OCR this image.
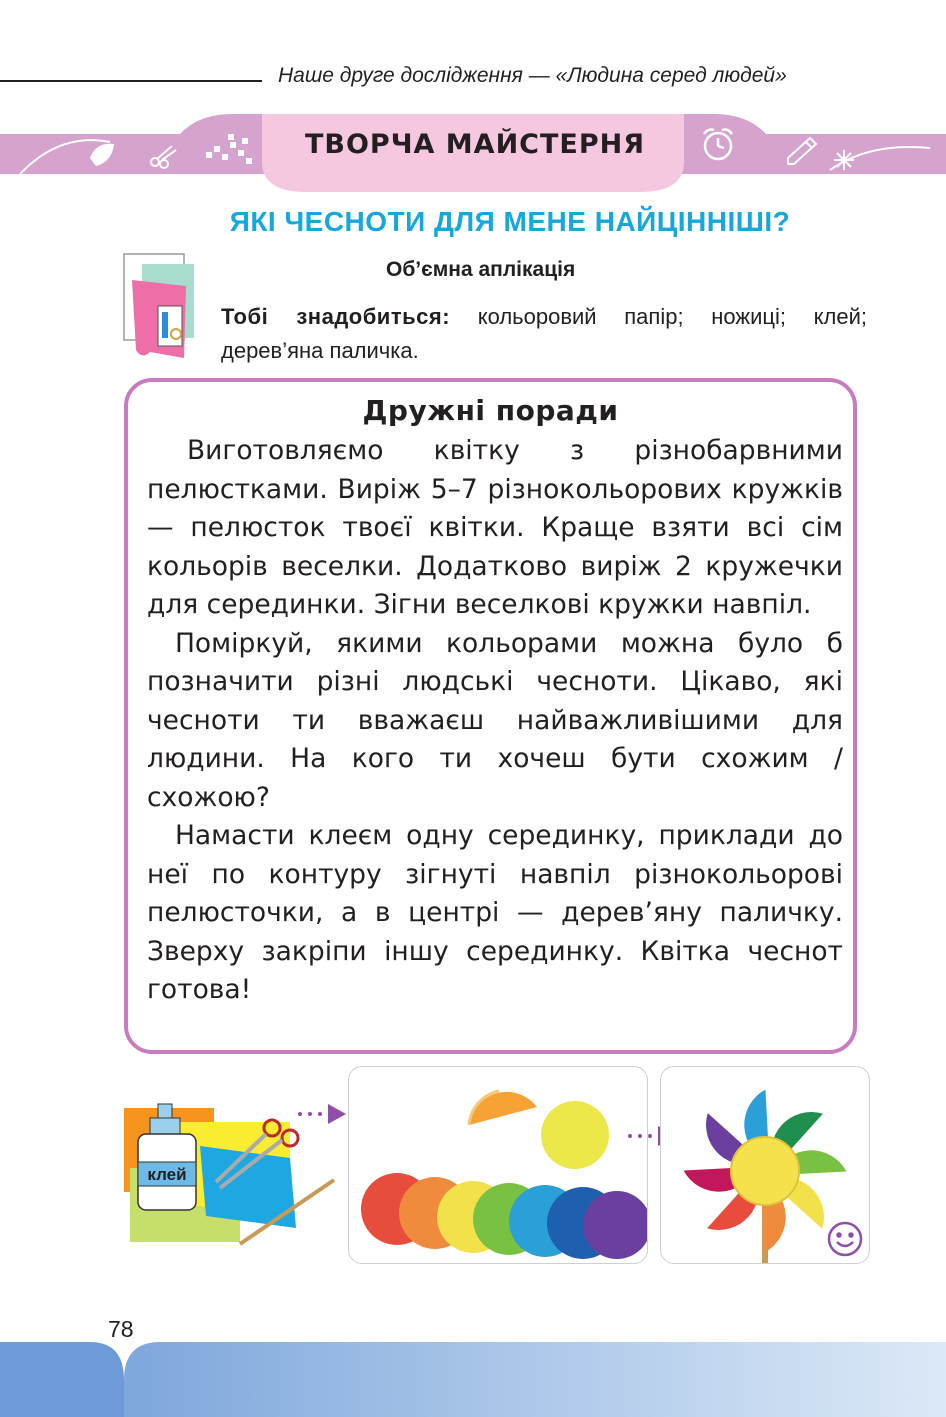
Наше друге дослідження — «Людина серед людей»
ТВОРЧА МАЙСТЕРНЯ
ЯКІ ЧЕСНОТИ ДЛЯ МЕНЕ НАЙЦІННІШІ?
Об’ємна аплікація
Тобі знадобиться: кольоровий папір; ножиці; клей; дерев’яна паличка.
Дружні поради

Виготовляємо квітку з різнобарвними пелюстками. Виріж 5–7 різнокольорових кружків — пелюсток твоєї квітки. Краще взяти всі сім кольорів веселки. Додатково виріж 2 кружечки для серединки. Зігни веселкові кружки навпіл.

Поміркуй, якими кольорами можна було б позначити різні людські чесноти. Цікаво, які чесноти ти вважаєш найважливішими для людини. На кого ти хочеш бути схожим / схожою?

Намасти клеєм одну серединку, приклади до неї по контуру зігнуті навпіл різнокольорові пелюсточки, а в центрі — дерев’яну паличку. Зверху закріпи іншу серединку. Квітка чеснот готова!

клей
78
